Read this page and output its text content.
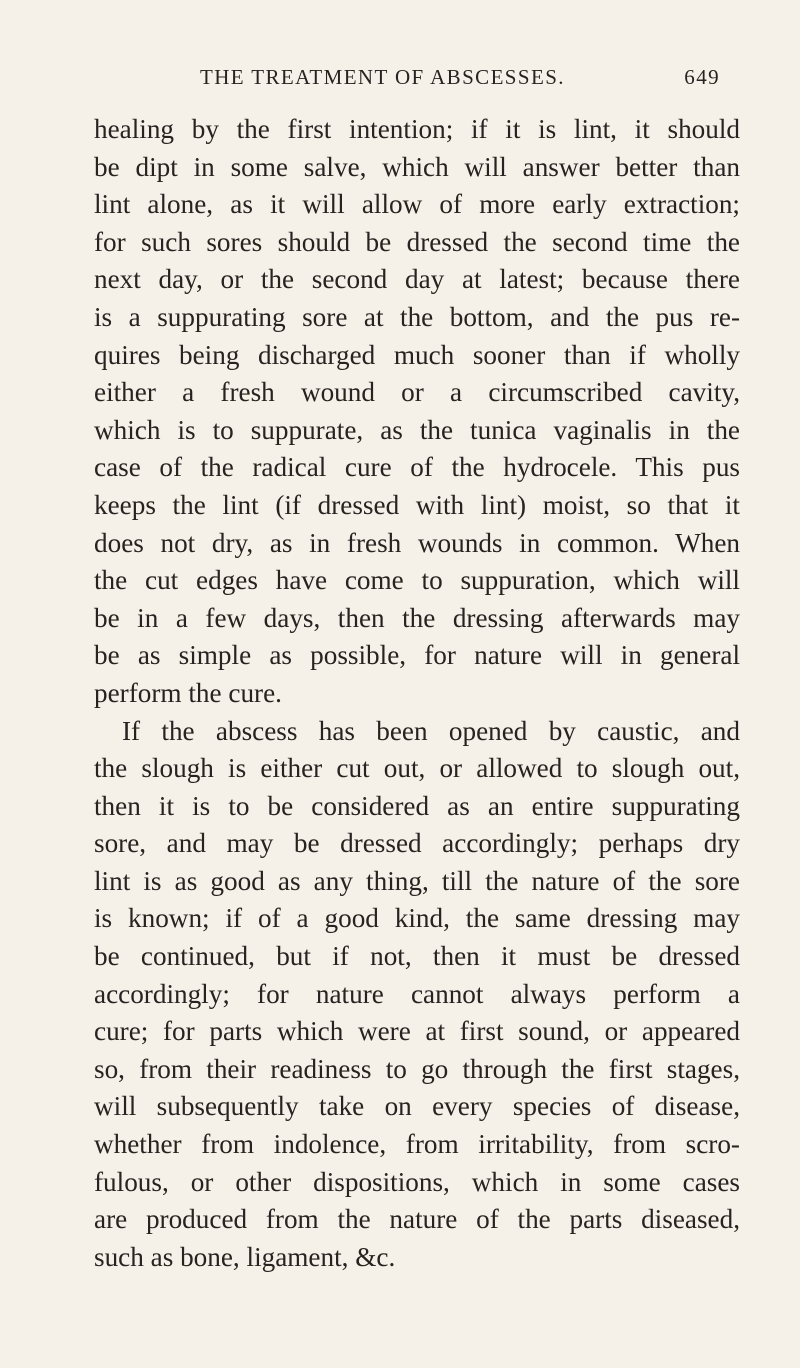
THE TREATMENT OF ABSCESSES.	649
healing by the first intention; if it is lint, it should
be dipt in some salve, which will answer better than
lint alone, as it will allow of more early extraction;
for such sores should be dressed the second time the
next day, or the second day at latest; because there
is a suppurating sore at the bottom, and the pus re-
quires being discharged much sooner than if wholly
either a fresh wound or a circumscribed cavity,
which is to suppurate, as the tunica vaginalis in the
case of the radical cure of the hydrocele. This pus
keeps the lint (if dressed with lint) moist, so that it
does not dry, as in fresh wounds in common. When
the cut edges have come to suppuration, which will
be in a few days, then the dressing afterwards may
be as simple as possible, for nature will in general
perform the cure.
If the abscess has been opened by caustic, and
the slough is either cut out, or allowed to slough out,
then it is to be considered as an entire suppurating
sore, and may be dressed accordingly; perhaps dry
lint is as good as any thing, till the nature of the sore
is known; if of a good kind, the same dressing may
be continued, but if not, then it must be dressed
accordingly; for nature cannot always perform a
cure; for parts which were at first sound, or appeared
so, from their readiness to go through the first stages,
will subsequently take on every species of disease,
whether from indolence, from irritability, from scro-
fulous, or other dispositions, which in some cases
are produced from the nature of the parts diseased,
such as bone, ligament, &c.
